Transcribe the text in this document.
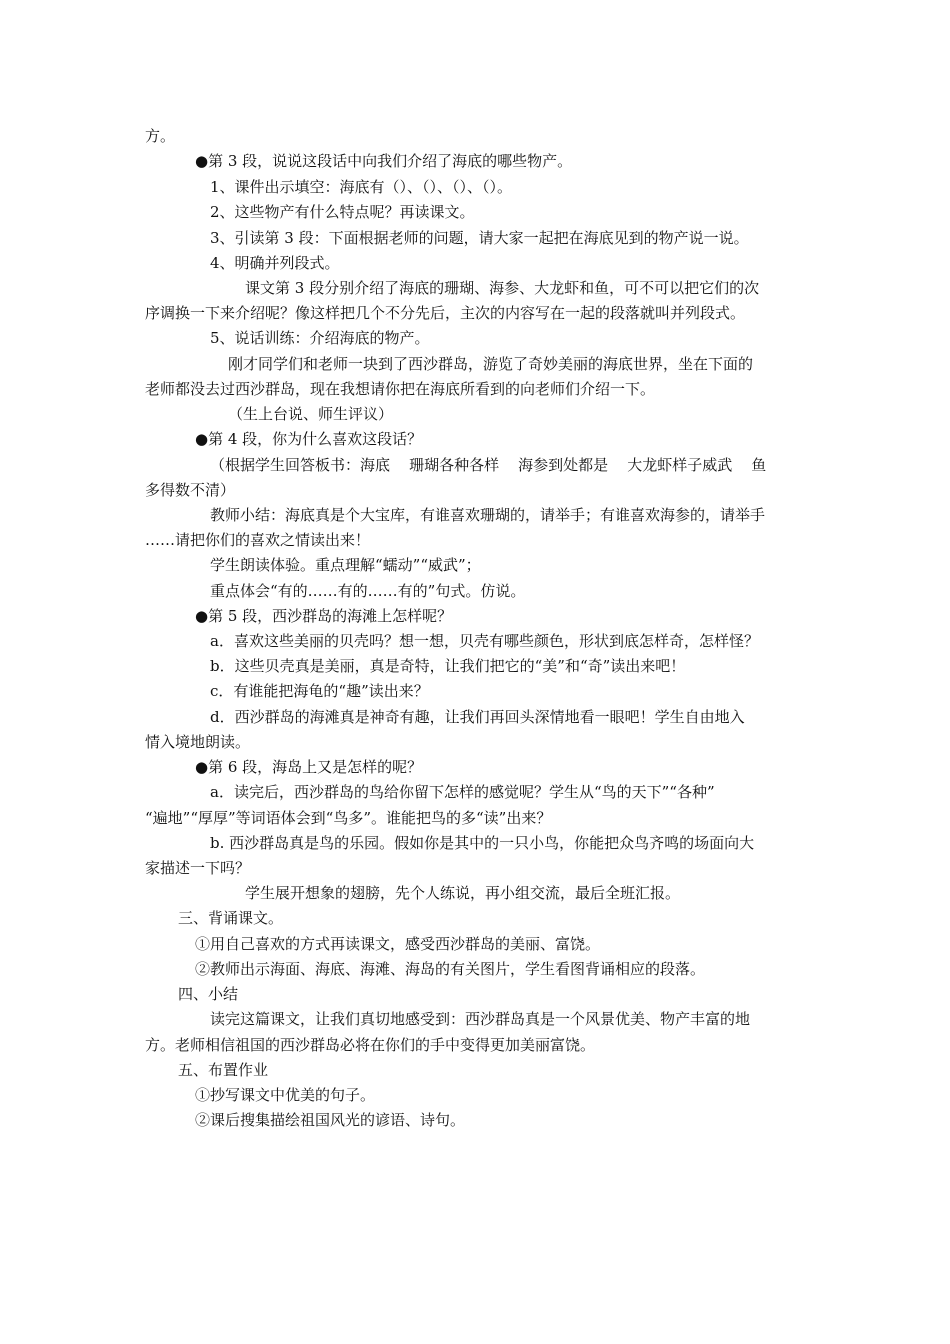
方。
●第 3 段，说说这段话中向我们介绍了海底的哪些物产。
1、课件出示填空：海底有（）、（）、（）、（）。
2、这些物产有什么特点呢？再读课文。
3、引读第 3 段：下面根据老师的问题，请大家一起把在海底见到的物产说一说。
4、明确并列段式。
课文第 3 段分别介绍了海底的珊瑚、海参、大龙虾和鱼，可不可以把它们的次
序调换一下来介绍呢？像这样把几个不分先后，主次的内容写在一起的段落就叫并列段式。
5、说话训练：介绍海底的物产。
刚才同学们和老师一块到了西沙群岛，游览了奇妙美丽的海底世界，坐在下面的
老师都没去过西沙群岛，现在我想请你把在海底所看到的向老师们介绍一下。
（生上台说、师生评议）
●第 4 段，你为什么喜欢这段话？
（根据学生回答板书：海底    珊瑚各种各样    海参到处都是    大龙虾样子威武    鱼
多得数不清）
教师小结：海底真是个大宝库，有谁喜欢珊瑚的，请举手；有谁喜欢海参的，请举手
……请把你们的喜欢之情读出来！
学生朗读体验。重点理解“蠕动”“威武”；
重点体会“有的……有的……有的”句式。仿说。
●第 5 段，西沙群岛的海滩上怎样呢？
a．喜欢这些美丽的贝壳吗？想一想，贝壳有哪些颜色，形状到底怎样奇，怎样怪？
b．这些贝壳真是美丽，真是奇特，让我们把它的“美”和“奇”读出来吧！
c．有谁能把海龟的“趣”读出来？
d．西沙群岛的海滩真是神奇有趣，让我们再回头深情地看一眼吧！学生自由地入
情入境地朗读。
●第 6 段，海岛上又是怎样的呢？
a．读完后，西沙群岛的鸟给你留下怎样的感觉呢？学生从“鸟的天下”“各种”
“遍地”“厚厚”等词语体会到“鸟多”。谁能把鸟的多“读”出来？
b. 西沙群岛真是鸟的乐园。假如你是其中的一只小鸟，你能把众鸟齐鸣的场面向大
家描述一下吗？
学生展开想象的翅膀，先个人练说，再小组交流，最后全班汇报。
三、背诵课文。
①用自己喜欢的方式再读课文，感受西沙群岛的美丽、富饶。
②教师出示海面、海底、海滩、海岛的有关图片，学生看图背诵相应的段落。
四、小结
读完这篇课文，让我们真切地感受到：西沙群岛真是一个风景优美、物产丰富的地
方。老师相信祖国的西沙群岛必将在你们的手中变得更加美丽富饶。
五、布置作业
①抄写课文中优美的句子。
②课后搜集描绘祖国风光的谚语、诗句。
